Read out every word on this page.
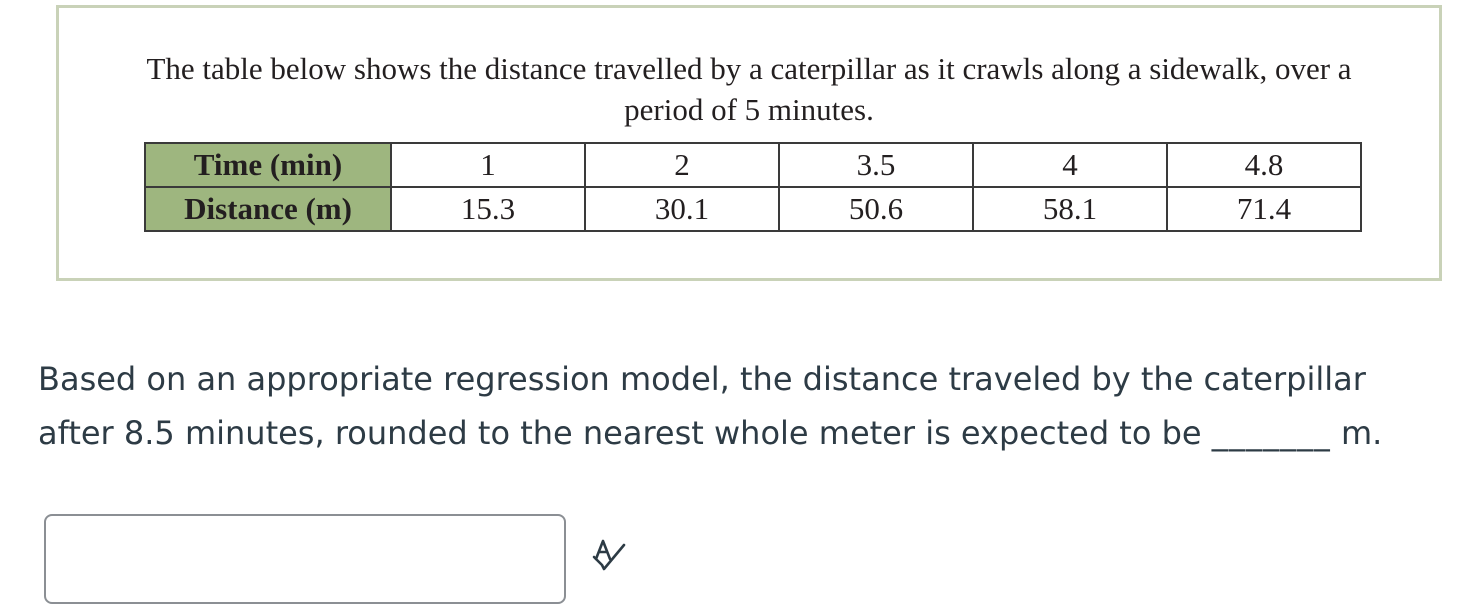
The table below shows the distance travelled by a caterpillar as it crawls along a sidewalk, over a
period of 5 minutes.
Time (min)	1	2	3.5	4	4.8
Distance (m)	15.3	30.1	50.6	58.1	71.4
Based on an appropriate regression model, the distance traveled by the caterpillar
after 8.5 minutes, rounded to the nearest whole meter is expected to be _______ m.
